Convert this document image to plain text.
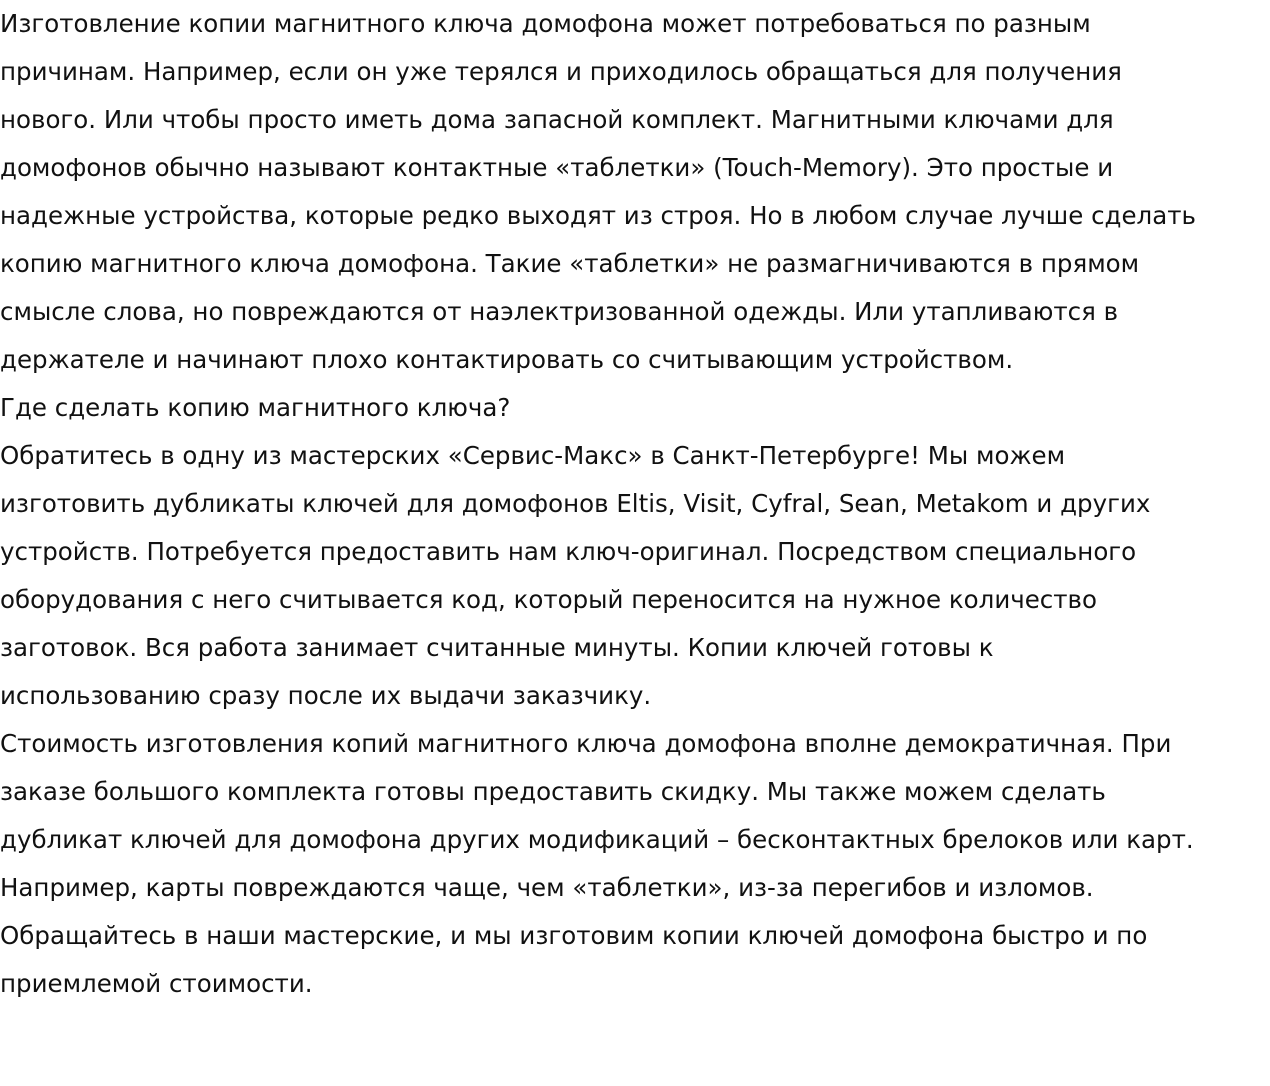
Изготовление копии магнитного ключа домофона может потребоваться по разным
причинам. Например, если он уже терялся и приходилось обращаться для получения
нового. Или чтобы просто иметь дома запасной комплект. Магнитными ключами для
домофонов обычно называют контактные «таблетки» (Touch-Memory). Это простые и
надежные устройства, которые редко выходят из строя. Но в любом случае лучше сделать
копию магнитного ключа домофона. Такие «таблетки» не размагничиваются в прямом
смысле слова, но повреждаются от наэлектризованной одежды. Или утапливаются в
держателе и начинают плохо контактировать со считывающим устройством.

Где сделать копию магнитного ключа?

Обратитесь в одну из мастерских «Сервис-Макс» в Санкт-Петербурге! Мы можем
изготовить дубликаты ключей для домофонов Eltis, Visit, Cyfral, Sean, Metakom и других
устройств. Потребуется предоставить нам ключ-оригинал. Посредством специального
оборудования с него считывается код, который переносится на нужное количество
заготовок. Вся работа занимает считанные минуты. Копии ключей готовы к
использованию сразу после их выдачи заказчику.

Стоимость изготовления копий магнитного ключа домофона вполне демократичная. При
заказе большого комплекта готовы предоставить скидку. Мы также можем сделать
дубликат ключей для домофона других модификаций – бесконтактных брелоков или карт.
Например, карты повреждаются чаще, чем «таблетки», из-за перегибов и изломов.
Обращайтесь в наши мастерские, и мы изготовим копии ключей домофона быстро и по
приемлемой стоимости.
